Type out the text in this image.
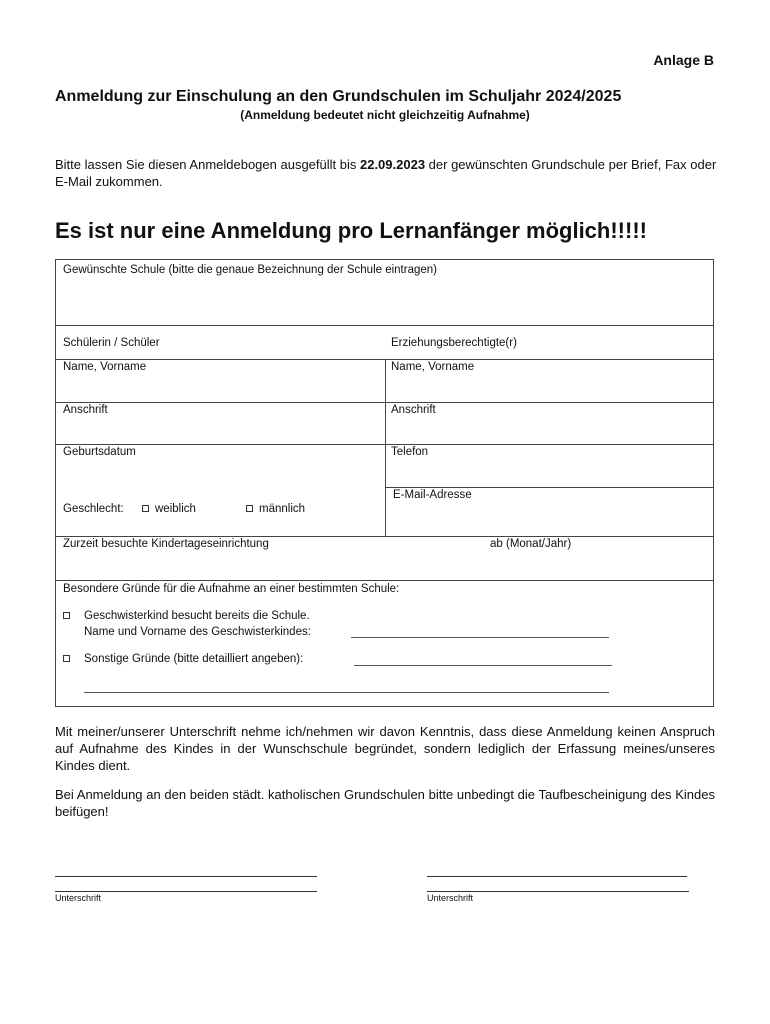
Anlage B
Anmeldung zur Einschulung an den Grundschulen im Schuljahr 2024/2025
(Anmeldung bedeutet nicht gleichzeitig Aufnahme)
Bitte lassen Sie diesen Anmeldebogen ausgefüllt bis 22.09.2023 der gewünschten Grundschule per Brief, Fax oder E-Mail zukommen.
Es ist nur eine Anmeldung pro Lernanfänger möglich!!!!!
Gewünschte Schule (bitte die genaue Bezeichnung der Schule eintragen)
Schülerin / Schüler	Erziehungsberechtigte(r)
Name, Vorname	Name, Vorname
Anschrift	Anschrift
Geburtsdatum	Telefon
Geschlecht:	weiblich	männlich
E-Mail-Adresse
Zurzeit besuchte Kindertageseinrichtung	ab (Monat/Jahr)
Besondere Gründe für die Aufnahme an einer bestimmten Schule:
Geschwisterkind besucht bereits die Schule.
Name und Vorname des Geschwisterkindes:
Sonstige Gründe (bitte detailliert angeben):
Mit meiner/unserer Unterschrift nehme ich/nehmen wir davon Kenntnis, dass diese Anmeldung keinen Anspruch auf Aufnahme des Kindes in der Wunschschule begründet, sondern lediglich der Erfassung meines/unseres Kindes dient.
Bei Anmeldung an den beiden städt. katholischen Grundschulen bitte unbedingt die Taufbescheinigung des Kindes beifügen!
Unterschrift	Unterschrift
